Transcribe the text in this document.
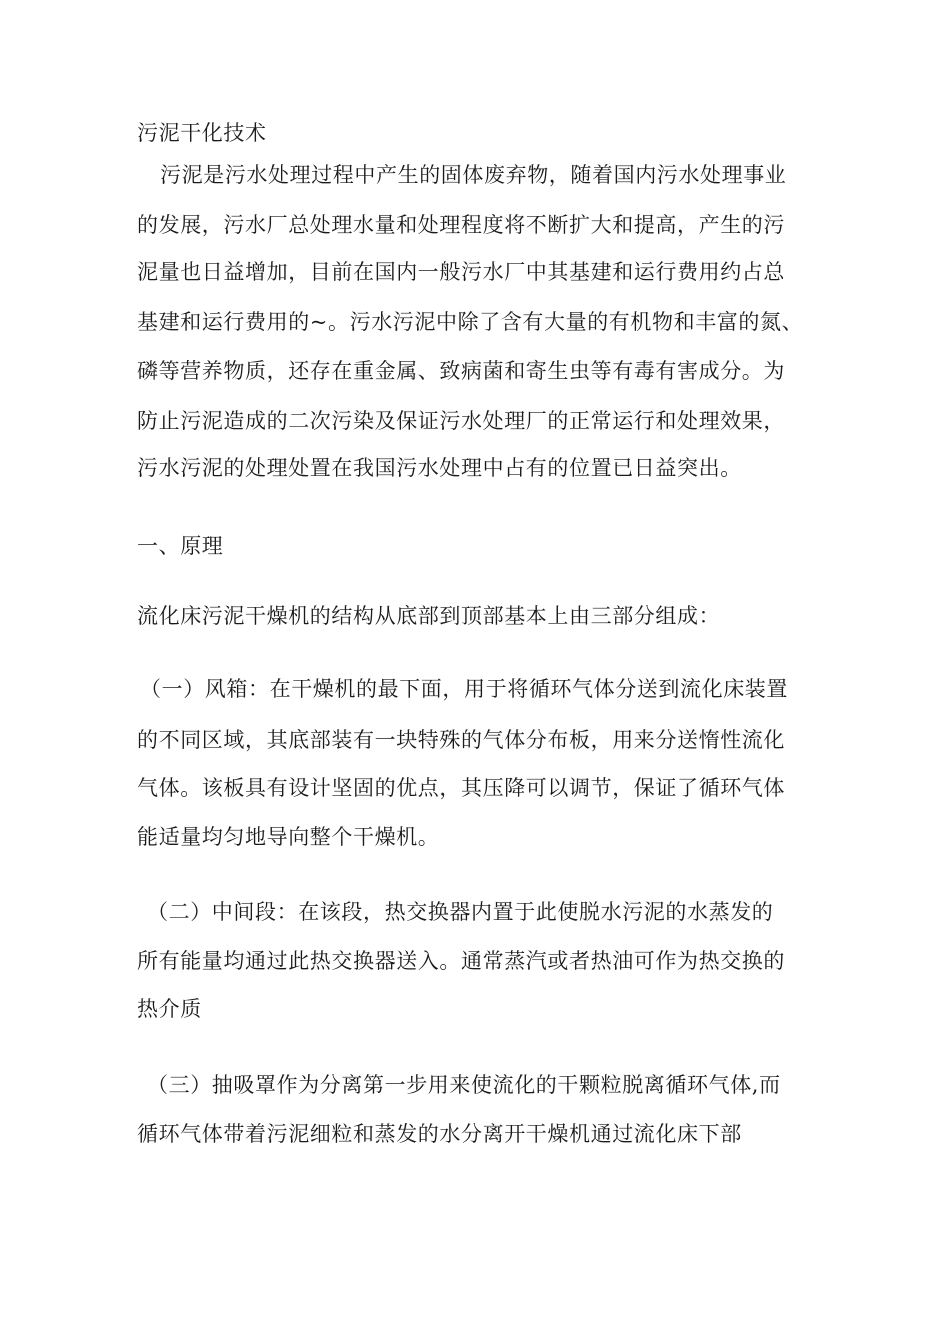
污泥干化技术
污泥是污水处理过程中产生的固体废弃物，随着国内污水处理事业
的发展，污水厂总处理水量和处理程度将不断扩大和提高，产生的污
泥量也日益增加，目前在国内一般污水厂中其基建和运行费用约占总
基建和运行费用的~。污水污泥中除了含有大量的有机物和丰富的氮、
磷等营养物质，还存在重金属、致病菌和寄生虫等有毒有害成分。为
防止污泥造成的二次污染及保证污水处理厂的正常运行和处理效果，
污水污泥的处理处置在我国污水处理中占有的位置已日益突出。
一、原理
流化床污泥干燥机的结构从底部到顶部基本上由三部分组成：
（一）风箱：在干燥机的最下面，用于将循环气体分送到流化床装置
的不同区域，其底部装有一块特殊的气体分布板，用来分送惰性流化
气体。该板具有设计坚固的优点，其压降可以调节，保证了循环气体
能适量均匀地导向整个干燥机。
（二）中间段：在该段，热交换器内置于此使脱水污泥的水蒸发的
所有能量均通过此热交换器送入。通常蒸汽或者热油可作为热交换的
热介质
（三）抽吸罩作为分离第一步用来使流化的干颗粒脱离循环气体,而
循环气体带着污泥细粒和蒸发的水分离开干燥机通过流化床下部
